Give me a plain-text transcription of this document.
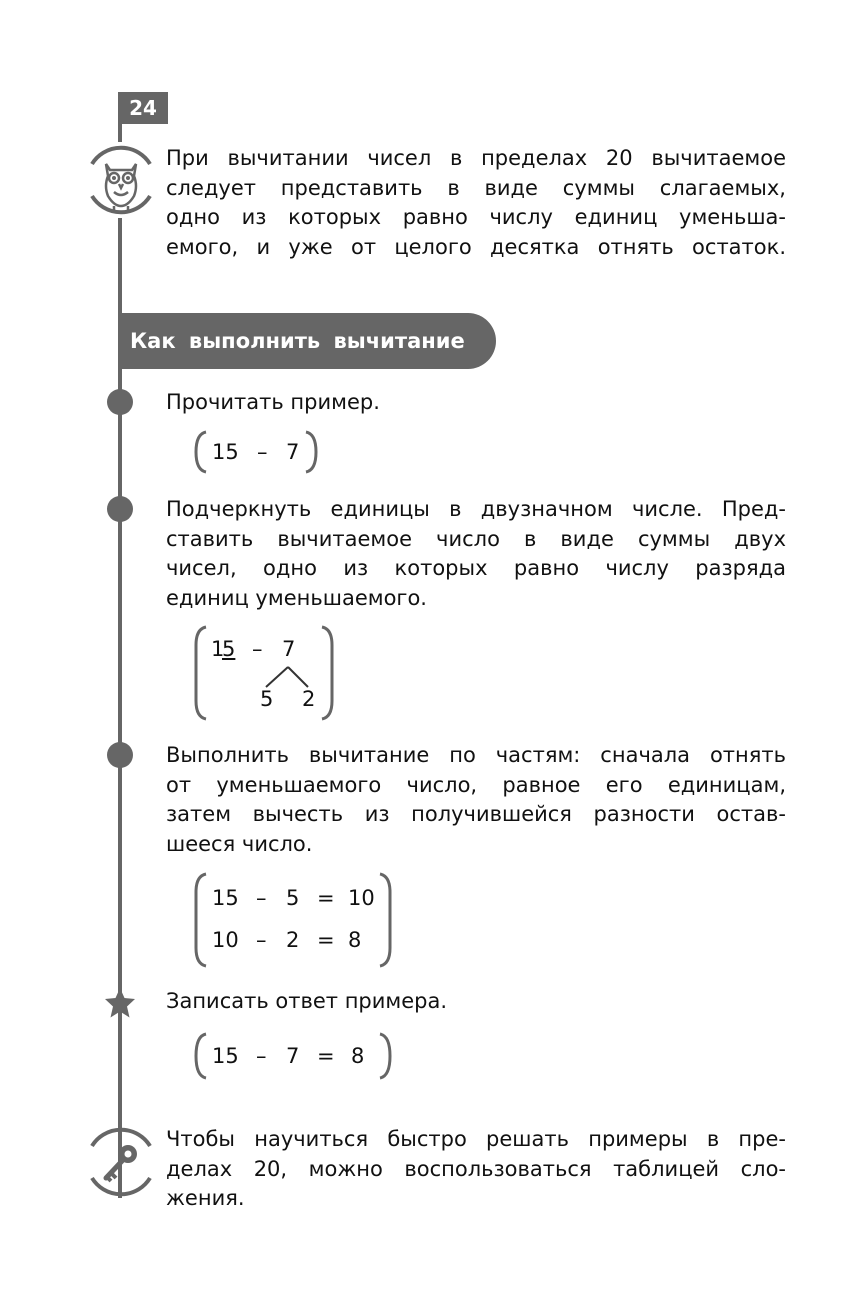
24
При вычитании чисел в пределах 20 вычитаемое
следует представить в виде суммы слагаемых,
одно из которых равно числу единиц уменьша-
емого, и уже от целого десятка отнять остаток.
Как выполнить вычитание
Прочитать пример.
15 – 7
Подчеркнуть единицы в двузначном числе. Пред-
ставить вычитаемое число в виде суммы двух
чисел, одно из которых равно числу разряда
единиц уменьшаемого.
1
5 – 7
5 2
Выполнить вычитание по частям: сначала отнять
от уменьшаемого число, равное его единицам,
затем вычесть из получившейся разности остав-
шееся число.
15 – 5 = 10
10 – 2 = 8
Записать ответ примера.
15 – 7 = 8
Чтобы научиться быстро решать примеры в пре-
делах 20, можно воспользоваться таблицей сло-
жения.
